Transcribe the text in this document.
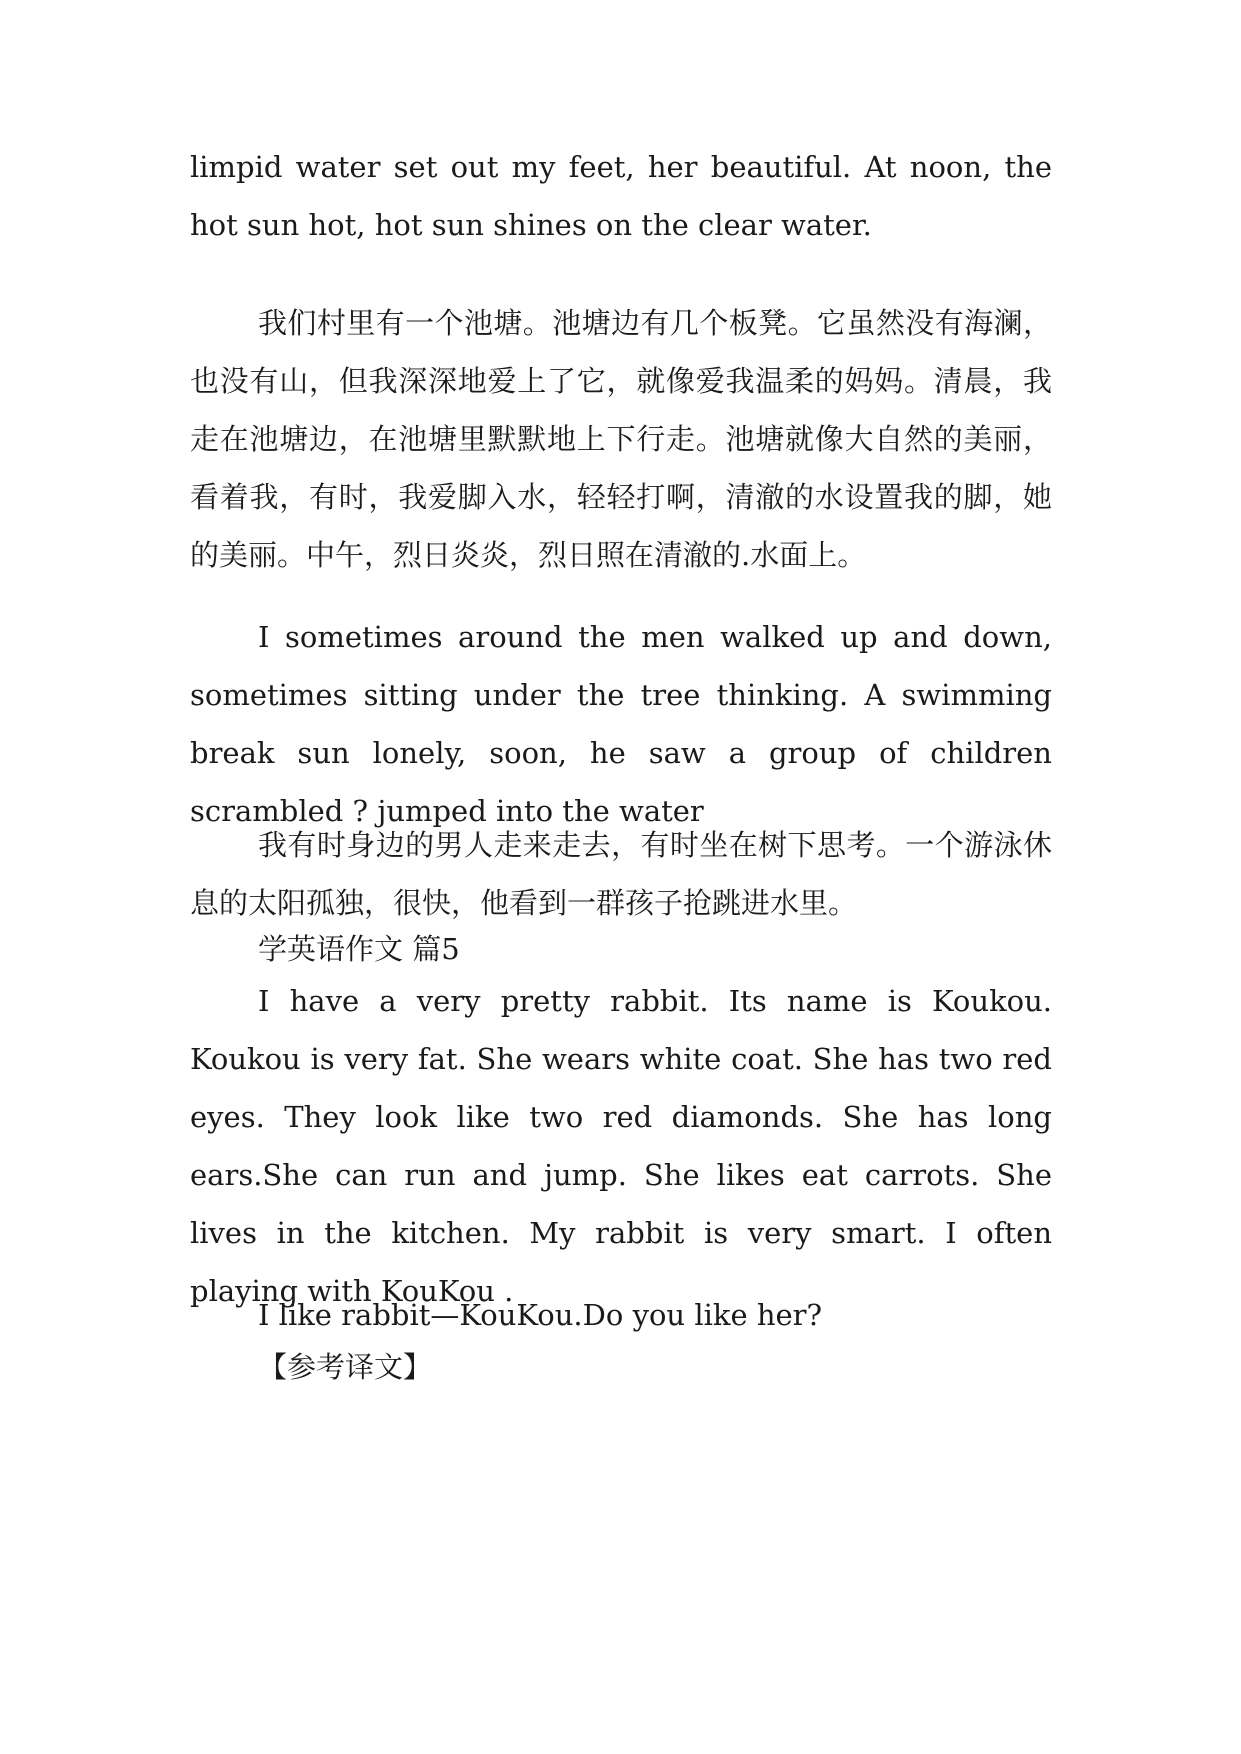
limpid water set out my feet, her beautiful. At noon, the hot sun hot, hot sun shines on the clear water.

我们村里有一个池塘。池塘边有几个板凳。它虽然没有海澜，也没有山，但我深深地爱上了它，就像爱我温柔的妈妈。清晨，我走在池塘边，在池塘里默默地上下行走。池塘就像大自然的美丽，看着我，有时，我爱脚入水，轻轻打啊，清澈的水设置我的脚，她的美丽。中午，烈日炎炎，烈日照在清澈的.水面上。

I sometimes around the men walked up and down, sometimes sitting under the tree thinking. A swimming break sun lonely, soon, he saw a group of children scrambled ? jumped into the water

我有时身边的男人走来走去，有时坐在树下思考。一个游泳休息的太阳孤独，很快，他看到一群孩子抢跳进水里。

学英语作文 篇5

I have a very pretty rabbit. Its name is Koukou. Koukou is very fat. She wears white coat. She has two red eyes. They look like two red diamonds. She has long ears.She can run and jump. She likes eat carrots. She lives in the kitchen. My rabbit is very smart. I often playing with KouKou .

I like rabbit—KouKou.Do you like her?

【参考译文】
